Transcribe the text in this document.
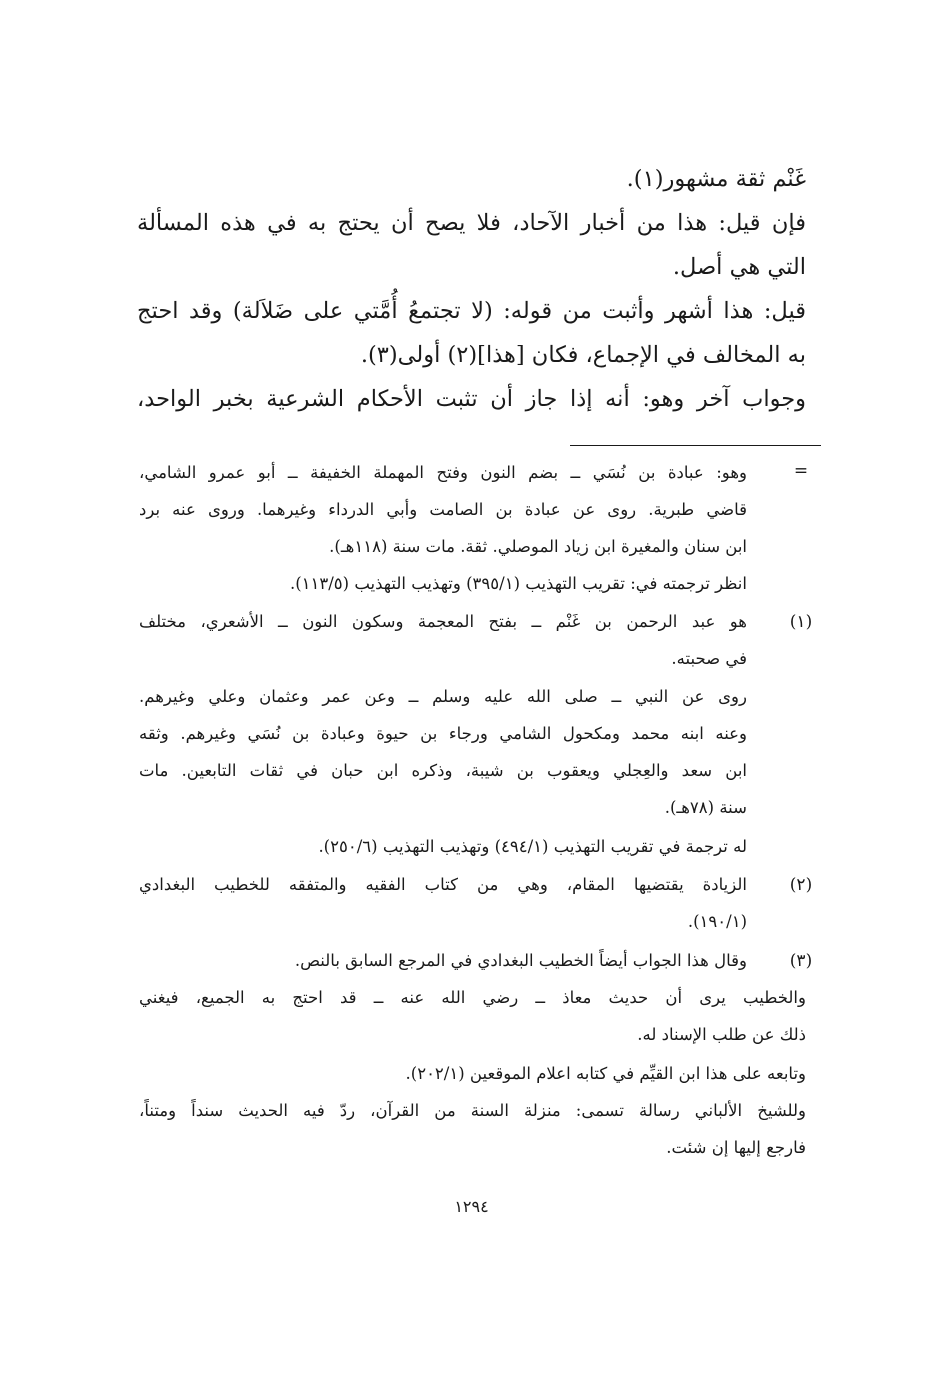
غَنْم ثقة مشهور(١).
فإن قيل: هذا من أخبار الآحاد، فلا يصح أن يحتج به في هذه المسألة
التي هي أصل.
قيل: هذا أشهر وأثبت من قوله: (لا تجتمعُ أُمَّتي على ضَلاَلة) وقد احتج
به المخالف في الإجماع، فكان [هذا](٢) أولى(٣).
وجواب آخر وهو: أنه إذا جاز أن تثبت الأحكام الشرعية بخبر الواحد،
=
وهو: عبادة بن نُسَي ــ بضم النون وفتح المهملة الخفيفة ــ أبو عمرو الشامي،
قاضي طبرية. روى عن عبادة بن الصامت وأبي الدرداء وغيرهما. وروى عنه برد
ابن سنان والمغيرة ابن زياد الموصلي. ثقة. مات سنة (١١٨هـ).
انظر ترجمته في: تقريب التهذيب (٣٩٥/١) وتهذيب التهذيب (١١٣/٥).
(١)
هو عبد الرحمن بن غَنْم ــ بفتح المعجمة وسكون النون ــ الأشعري، مختلف
في صحبته.
روى عن النبي ــ صلى الله عليه وسلم ــ وعن عمر وعثمان وعلي وغيرهم.
وعنه ابنه محمد ومكحول الشامي ورجاء بن حيوة وعبادة بن نُسَي وغيرهم. وثقه
ابن سعد والعِجلي ويعقوب بن شيبة، وذكره ابن حبان في ثقات التابعين. مات
سنة (٧٨هـ).
له ترجمة في تقريب التهذيب (٤٩٤/١) وتهذيب التهذيب (٢٥٠/٦).
(٢)
الزيادة يقتضيها المقام، وهي من كتاب الفقيه والمتفقه للخطيب البغدادي
(١٩٠/١).
(٣)
وقال هذا الجواب أيضاً الخطيب البغدادي في المرجع السابق بالنص.
والخطيب يرى أن حديث معاذ ــ رضي الله عنه ــ قد احتج به الجميع، فيغني
ذلك عن طلب الإسناد له.
وتابعه على هذا ابن القيِّم في كتابه اعلام الموقعين (٢٠٢/١).
وللشيخ الألباني رسالة تسمى: منزلة السنة من القرآن، ردّ فيه الحديث سنداً ومتناً،
فارجع إليها إن شئت.
١٢٩٤
